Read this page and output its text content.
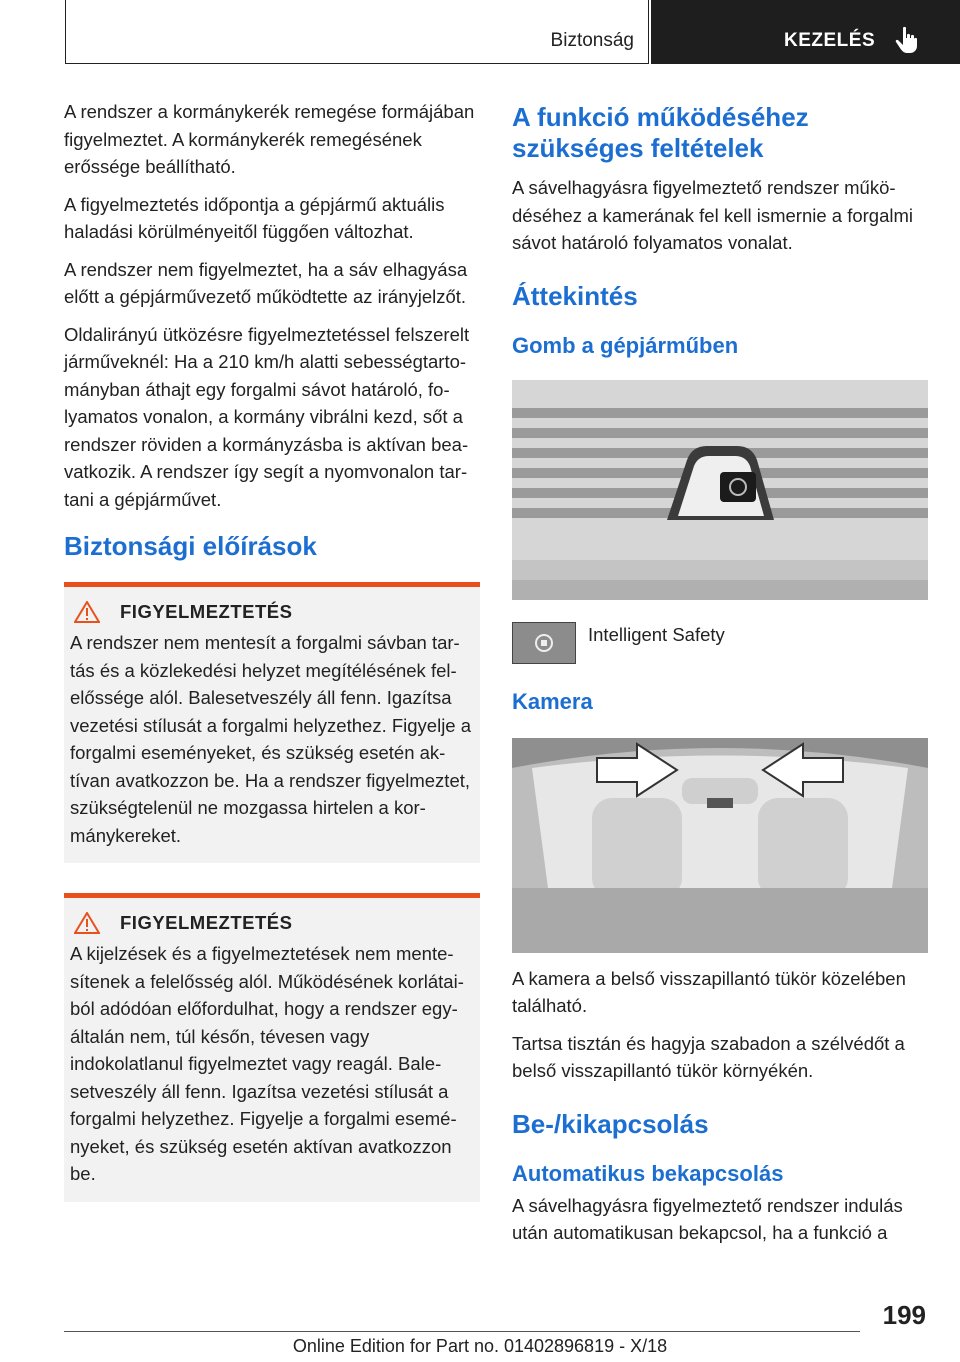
Biztonság	KEZELÉS

A rendszer a kormánykerék remegése formájában figyelmeztet. A kormánykerék remegésének erőssége beállítható.

A figyelmeztetés időpontja a gépjármű aktuális haladási körülményeitől függően változhat.

A rendszer nem figyelmeztet, ha a sáv elhagyása előtt a gépjárművezető működtette az irányjelzőt.

Oldalirányú ütközésre figyelmeztetéssel felszerelt járműveknél: Ha a 210 km/h alatti sebességtartományban áthajt egy forgalmi sávot határoló, folyamatos vonalon, a kormány vibrálni kezd, sőt a rendszer röviden a kormányzásba is aktívan beavatkozik. A rendszer így segít a nyomvonalon tartani a gépjárművet.

Biztonsági előírások
FIGYELMEZTETÉS

A rendszer nem mentesít a forgalmi sávban tartás és a közlekedési helyzet megítélésének felelőssége alól. Balesetveszély áll fenn. Igazítsa vezetési stílusát a forgalmi helyzethez. Figyelje a forgalmi eseményeket, és szükség esetén aktívan avatkozzon be. Ha a rendszer figyelmeztet, szükségtelenül ne mozgassa hirtelen a kormánykereket.

FIGYELMEZTETÉS

A kijelzések és a figyelmeztetések nem mentesítenek a felelősség alól. Működésének korlátaiból adódóan előfordulhat, hogy a rendszer egyáltalán nem, túl későn, tévesen vagy indokolatlanul figyelmeztet vagy reagál. Balesetveszély áll fenn. Igazítsa vezetési stílusát a forgalmi helyzethez. Figyelje a forgalmi eseményeket, és szükség esetén aktívan avatkozzon be.

A funkció működéséhez szükséges feltételek

A sávelhagyásra figyelmeztető rendszer működéséhez a kamerának fel kell ismernie a forgalmi sávot határoló folyamatos vonalat.

Áttekintés
Gomb a gépjárműben
Intelligent Safety
Kamera

A kamera a belső visszapillantó tükör közelében található.

Tartsa tisztán és hagyja szabadon a szélvédőt a belső visszapillantó tükör környékén.

Be-/kikapcsolás
Automatikus bekapcsolás

A sávelhagyásra figyelmeztető rendszer indulás után automatikusan bekapcsol, ha a funkció a

199
Online Edition for Part no. 01402896819 - X/18
